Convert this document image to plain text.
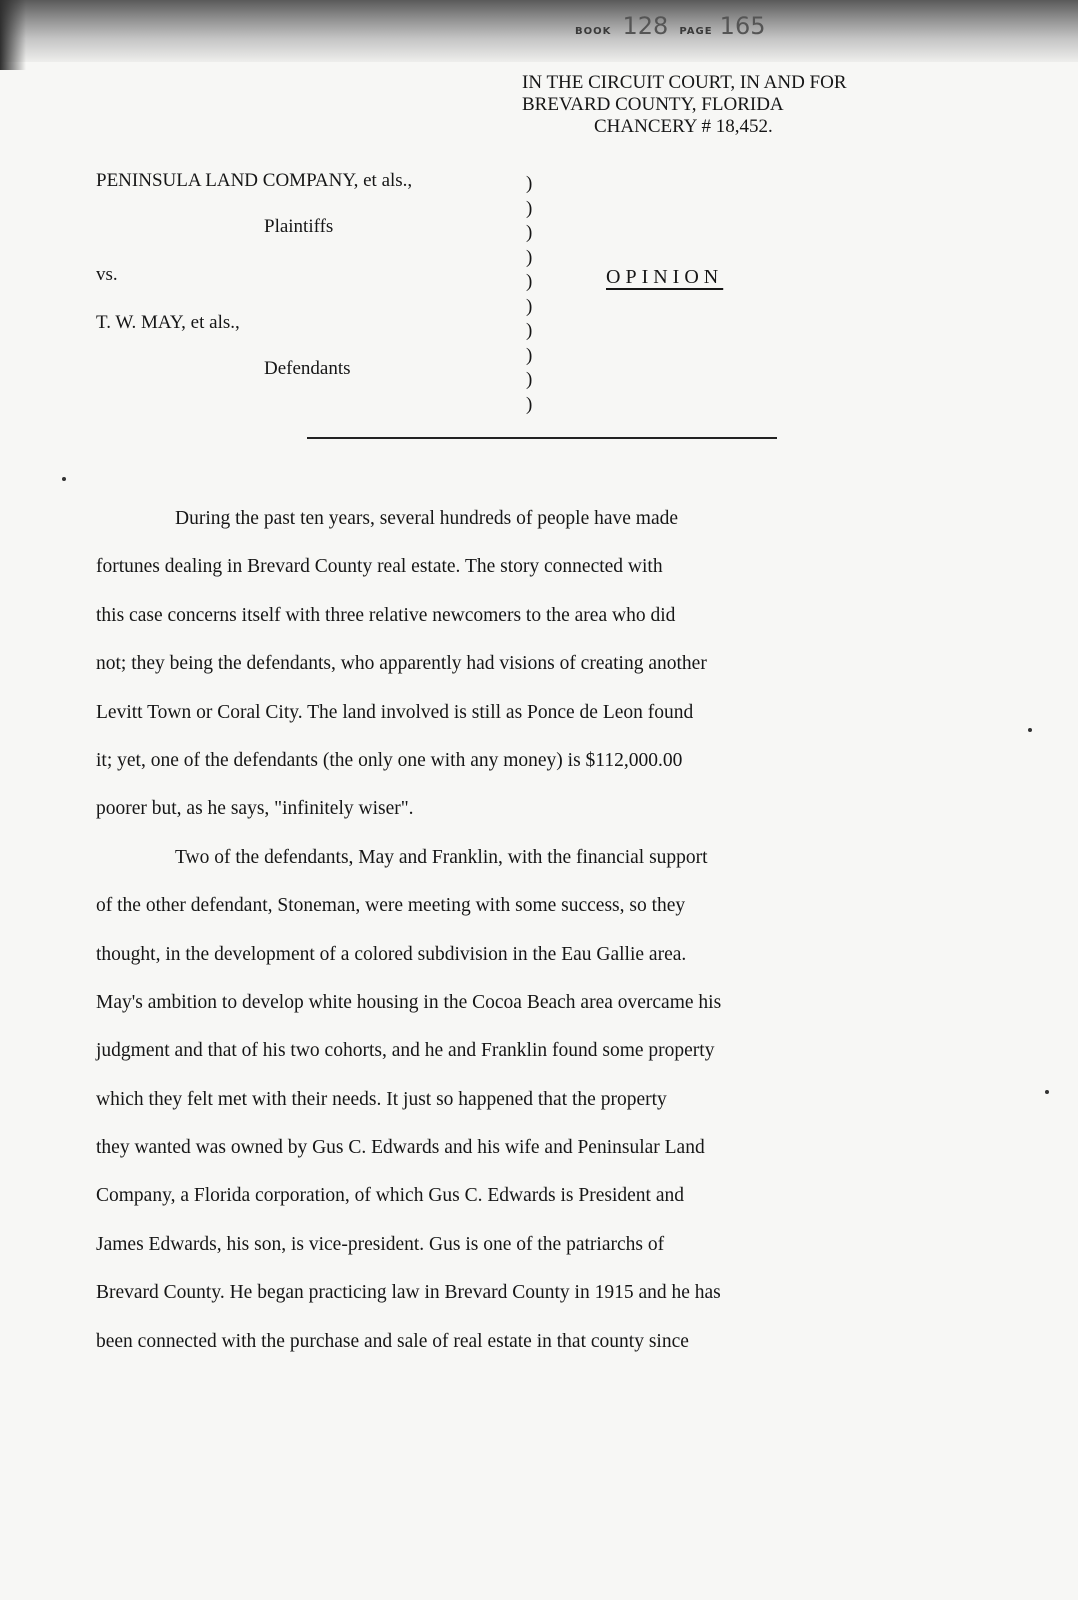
BOOK 128 PAGE 165
IN THE CIRCUIT COURT, IN AND FOR
BREVARD COUNTY, FLORIDA
CHANCERY # 18,452.
PENINSULA LAND COMPANY, et als.,
Plaintiffs
vs.
T. W. MAY, et als.,
Defendants
)
)
)
)
)
)
)
)
)
)
OPINION
During the past ten years, several hundreds of people have made
fortunes dealing in Brevard County real estate. The story connected with
this case concerns itself with three relative newcomers to the area who did
not; they being the defendants, who apparently had visions of creating another
Levitt Town or Coral City. The land involved is still as Ponce de Leon found
it; yet, one of the defendants (the only one with any money) is $112,000.00
poorer but, as he says, "infinitely wiser".
Two of the defendants, May and Franklin, with the financial support
of the other defendant, Stoneman, were meeting with some success, so they
thought, in the development of a colored subdivision in the Eau Gallie area.
May's ambition to develop white housing in the Cocoa Beach area overcame his
judgment and that of his two cohorts, and he and Franklin found some property
which they felt met with their needs. It just so happened that the property
they wanted was owned by Gus C. Edwards and his wife and Peninsular Land
Company, a Florida corporation, of which Gus C. Edwards is President and
James Edwards, his son, is vice-president. Gus is one of the patriarchs of
Brevard County. He began practicing law in Brevard County in 1915 and he has
been connected with the purchase and sale of real estate in that county since
